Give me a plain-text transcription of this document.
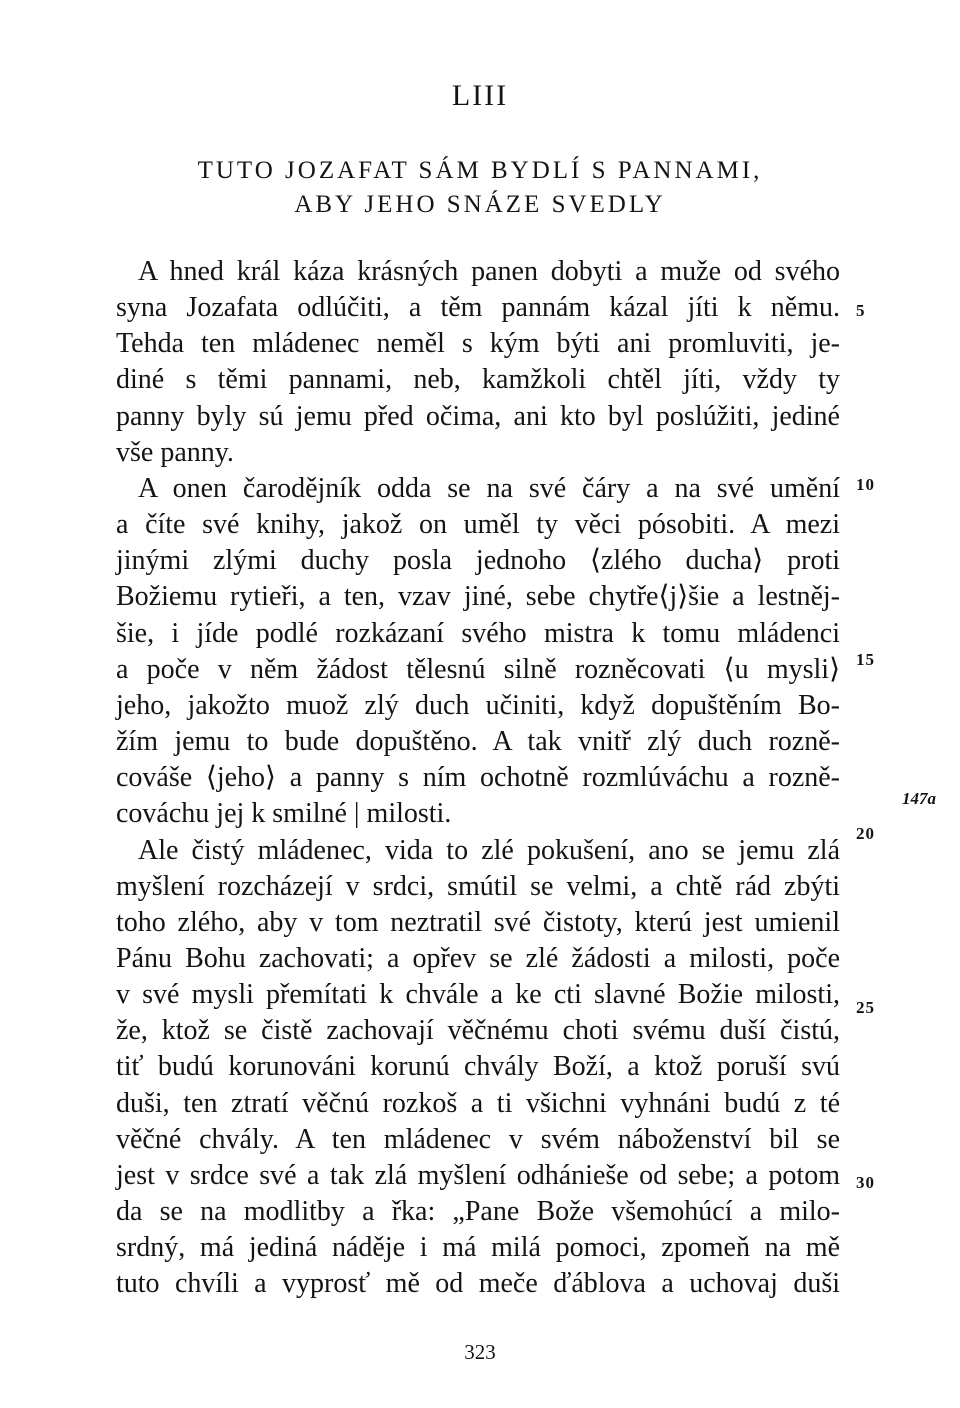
LIII
TUTO JOZAFAT SÁM BYDLÍ S PANNAMI,
ABY JEHO SNÁZE SVEDLY
A hned král káza krásných panen dobyti a muže od svého
syna Jozafata odlúčiti, a těm pannám kázal jíti k němu.
Tehda ten mládenec neměl s kým býti ani promluviti, je-
diné s těmi pannami, neb, kamžkoli chtěl jíti, vždy ty
panny byly sú jemu před očima, ani kto byl poslúžiti, jediné
vše panny.
A onen čarodějník odda se na své čáry a na své umění
a číte své knihy, jakož on uměl ty věci pósobiti. A mezi
jinými zlými duchy posla jednoho ⟨zlého ducha⟩ proti
Božiemu rytieři, a ten, vzav jiné, sebe chytře⟨j⟩šie a lestněj-
šie, i jíde podlé rozkázaní svého mistra k tomu mládenci
a poče v něm žádost tělesnú silně rozněcovati ⟨u mysli⟩
jeho, jakožto muož zlý duch učiniti, když dopuštěním Bo-
žím jemu to bude dopuštěno. A tak vnitř zlý duch rozně-
cováše ⟨jeho⟩ a panny s ním ochotně rozmlúváchu a rozně-
cováchu jej k smilné | milosti.
Ale čistý mládenec, vida to zlé pokušení, ano se jemu zlá
myšlení rozcházejí v srdci, smútil se velmi, a chtě rád zbýti
toho zlého, aby v tom neztratil své čistoty, kterú jest umienil
Pánu Bohu zachovati; a opřev se zlé žádosti a milosti, poče
v své mysli přemítati k chvále a ke cti slavné Božie milosti,
že, ktož se čistě zachovají věčnému choti svému duší čistú,
tiť budú korunováni korunú chvály Boží, a ktož poruší svú
duši, ten ztratí věčnú rozkoš a ti všichni vyhnáni budú z té
věčné chvály. A ten mládenec v svém náboženství bil se
jest v srdce své a tak zlá myšlení odhánieše od sebe; a potom
da se na modlitby a řka: „Pane Bože všemohúcí a milo-
srdný, má jediná náděje i má milá pomoci, zpomeň na mě
tuto chvíli a vyprosť mě od meče ďáblova a uchovaj duši
5
10
15
20
25
30
147a
323
